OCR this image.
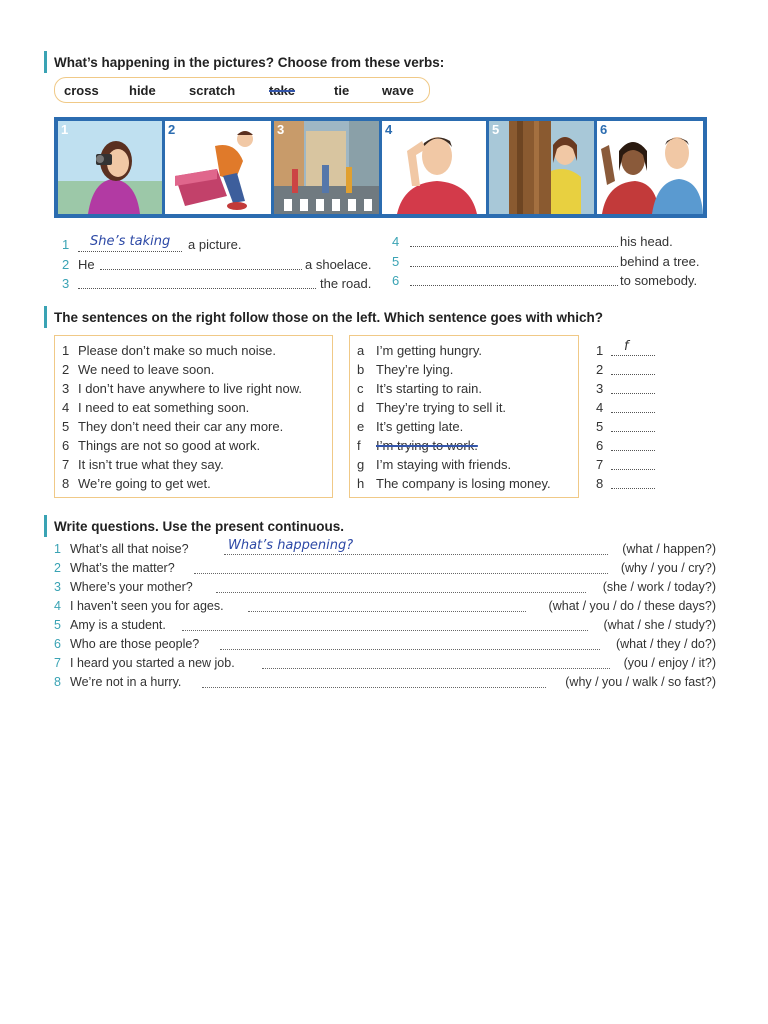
What’s happening in the pictures? Choose from these verbs:
cross hide	scratch	take	tie	wave
1	2	3	4	5	6
1 She’s taking a picture.
2 He	a shoelace.
3	the road.
4	his head.
5	behind a tree.
6	to somebody.
The sentences on the right follow those on the left. Which sentence goes with which?
1 Please don’t make so much noise.
2 We need to leave soon.
3 I don’t have anywhere to live right now.
4 I need to eat something soon.
5 They don’t need their car any more.
6 Things are not so good at work.
7 It isn’t true what they say.
8 We’re going to get wet.
a I’m getting hungry.
b They’re lying.
c It’s starting to rain.
d They’re trying to sell it.
e It’s getting late.
f I’m trying to work.
g I’m staying with friends.
h The company is losing money.
1 f
2
3
4
5
6
7
8
Write questions. Use the present continuous.
1 What’s all that noise?	What’s happening?	(what / happen?)
2 What’s the matter?	(why / you / cry?)
3 Where’s your mother?	(she / work / today?)
4 I haven’t seen you for ages.	(what / you / do / these days?)
5 Amy is a student.	(what / she / study?)
6 Who are those people?	(what / they / do?)
7 I heard you started a new job.	(you / enjoy / it?)
8 We’re not in a hurry.	(why / you / walk / so fast?)
